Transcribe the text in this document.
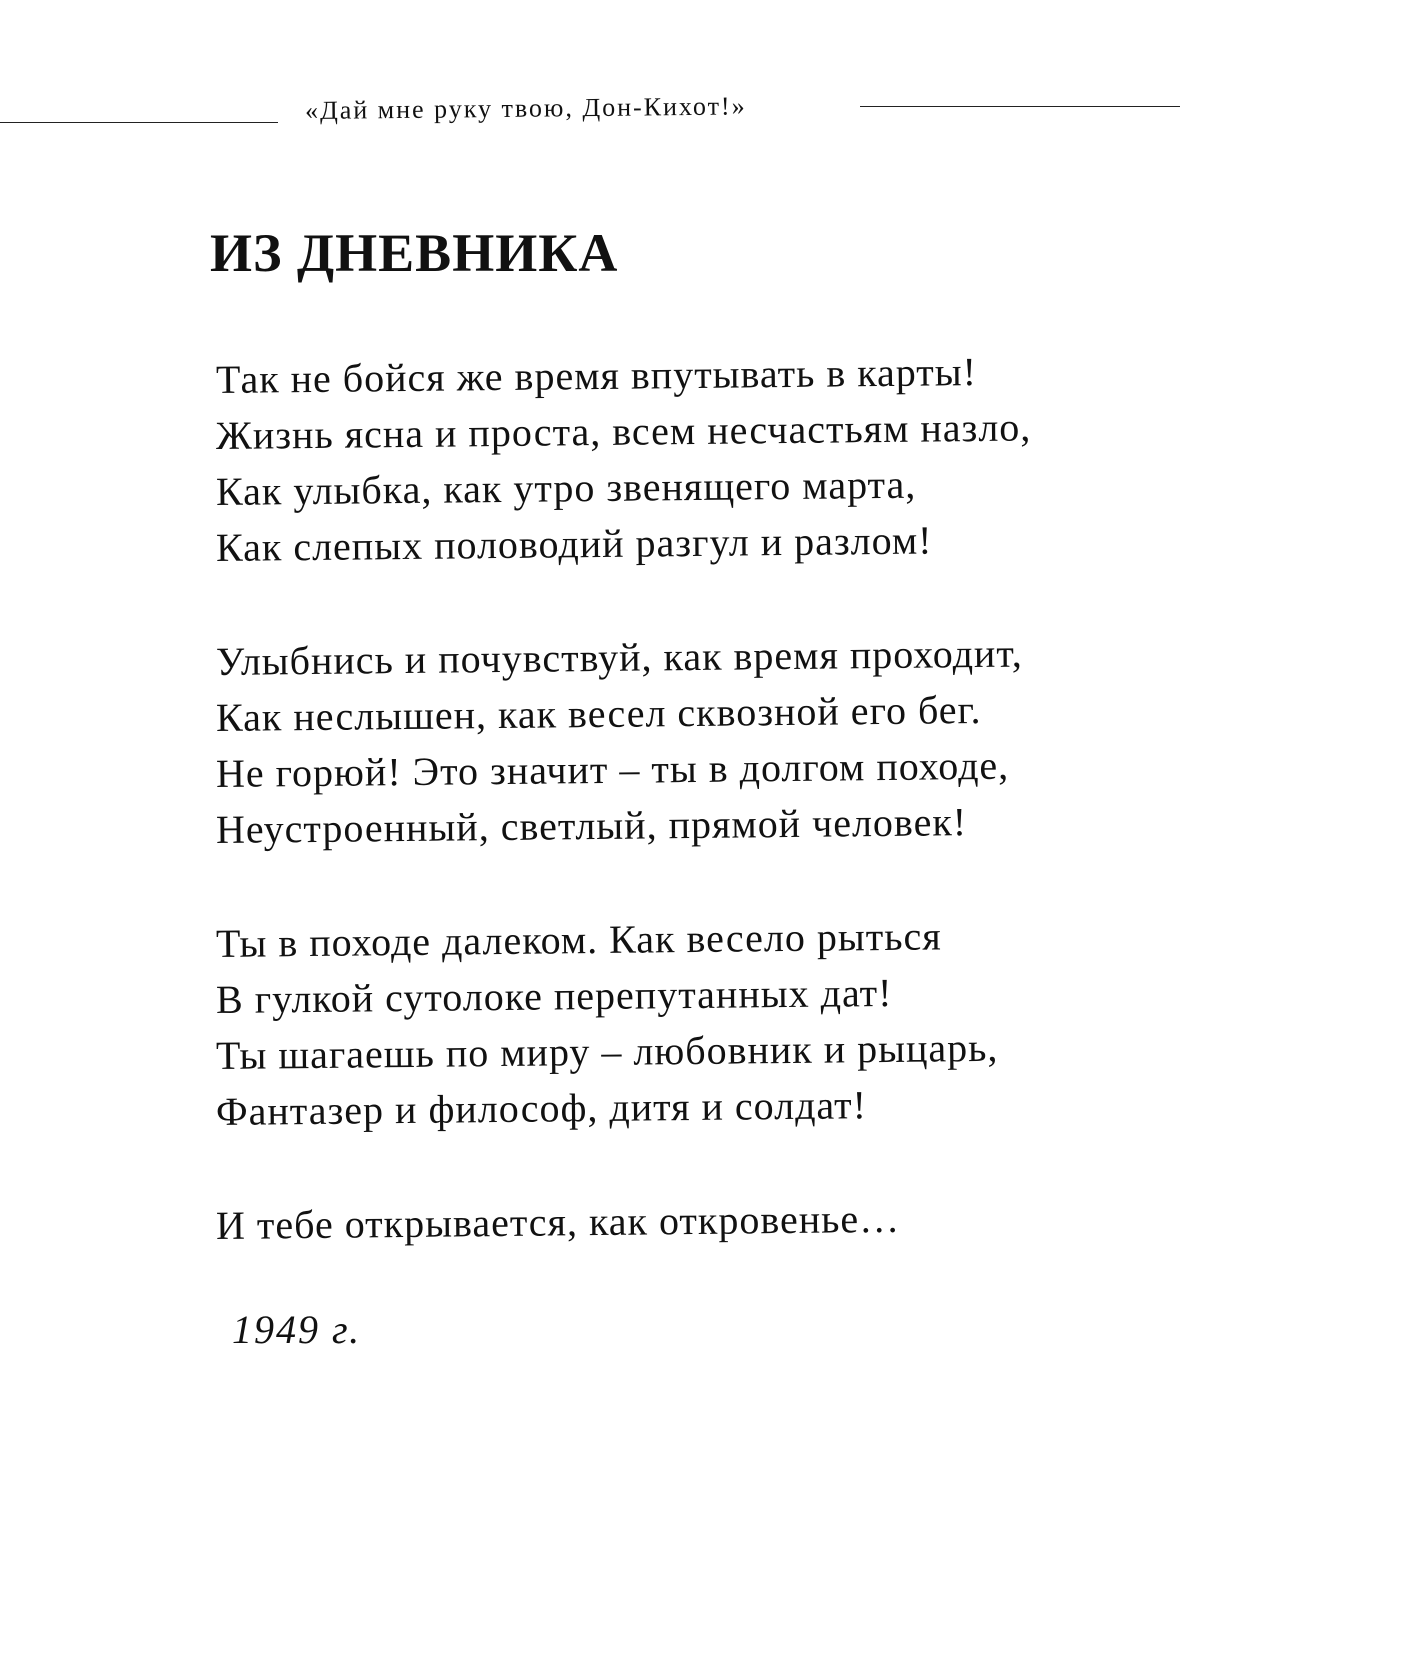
«Дай мне руку твою, Дон-Кихот!»
ИЗ ДНЕВНИКА
Так не бойся же время впутывать в карты!
Жизнь ясна и проста, всем несчастьям назло,
Как улыбка, как утро звенящего марта,
Как слепых половодий разгул и разлом!
Улыбнись и почувствуй, как время проходит,
Как неслышен, как весел сквозной его бег.
Не горюй! Это значит – ты в долгом походе,
Неустроенный, светлый, прямой человек!
Ты в походе далеком. Как весело рыться
В гулкой сутолоке перепутанных дат!
Ты шагаешь по миру – любовник и рыцарь,
Фантазер и философ, дитя и солдат!
И тебе открывается, как откровенье…
1949 г.
